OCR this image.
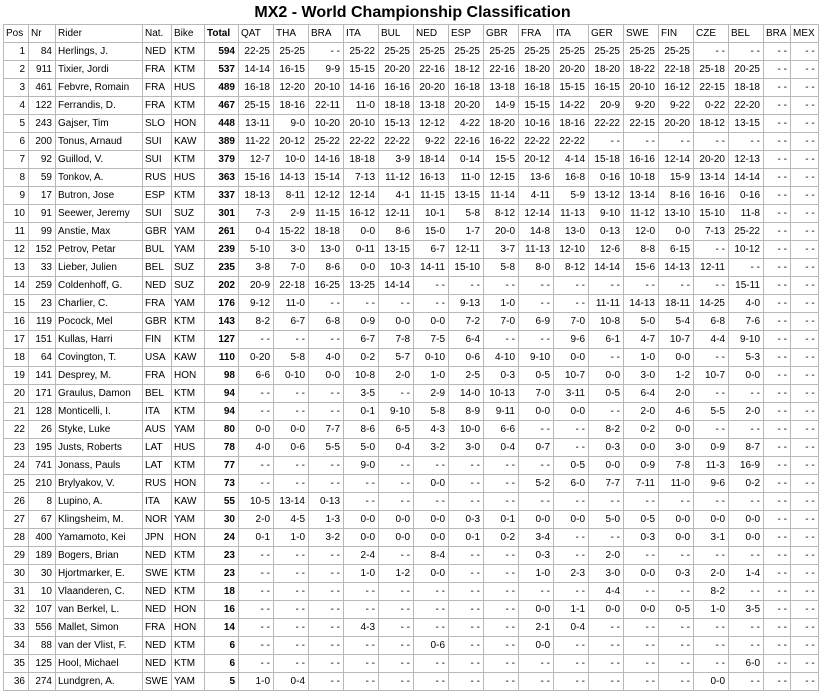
MX2 - World Championship Classification
Pos	Nr	Rider	Nat.	Bike	Total	QAT	THA	BRA	ITA	BUL	NED	ESP	GBR	FRA	ITA	GER	SWE	FIN	CZE	BEL	BRA	MEX
1	84	Herlings, J.	NED	KTM	594	22-25	25-25	- -	25-22	25-25	25-25	25-25	25-25	25-25	25-25	25-25	25-25	25-25	- -	- -	- -	- -
2	911	Tixier, Jordi	FRA	KTM	537	14-14	16-15	9-9	15-15	20-20	22-16	18-12	22-16	18-20	20-20	18-20	18-22	22-18	25-18	20-25	- -	- -
3	461	Febvre, Romain	FRA	HUS	489	16-18	12-20	20-10	14-16	16-16	20-20	16-18	13-18	16-18	15-15	16-15	20-10	16-12	22-15	18-18	- -	- -
4	122	Ferrandis, D.	FRA	KTM	467	25-15	18-16	22-11	11-0	18-18	13-18	20-20	14-9	15-15	14-22	20-9	9-20	9-22	0-22	22-20	- -	- -
5	243	Gajser, Tim	SLO	HON	448	13-11	9-0	10-20	20-10	15-13	12-12	4-22	18-20	10-16	18-16	22-22	22-15	20-20	18-12	13-15	- -	- -
6	200	Tonus, Arnaud	SUI	KAW	389	11-22	20-12	25-22	22-22	22-22	9-22	22-16	16-22	22-22	22-22	- -	- -	- -	- -	- -	- -	- -
7	92	Guillod, V.	SUI	KTM	379	12-7	10-0	14-16	18-18	3-9	18-14	0-14	15-5	20-12	4-14	15-18	16-16	12-14	20-20	12-13	- -	- -
8	59	Tonkov, A.	RUS	HUS	363	15-16	14-13	15-14	7-13	11-12	16-13	11-0	12-15	13-6	16-8	0-16	10-18	15-9	13-14	14-14	- -	- -
9	17	Butron, Jose	ESP	KTM	337	18-13	8-11	12-12	12-14	4-1	11-15	13-15	11-14	4-11	5-9	13-12	13-14	8-16	16-16	0-16	- -	- -
10	91	Seewer, Jeremy	SUI	SUZ	301	7-3	2-9	11-15	16-12	12-11	10-1	5-8	8-12	12-14	11-13	9-10	11-12	13-10	15-10	11-8	- -	- -
11	99	Anstie, Max	GBR	YAM	261	0-4	15-22	18-18	0-0	8-6	15-0	1-7	20-0	14-8	13-0	0-13	12-0	0-0	7-13	25-22	- -	- -
12	152	Petrov, Petar	BUL	YAM	239	5-10	3-0	13-0	0-11	13-15	6-7	12-11	3-7	11-13	12-10	12-6	8-8	6-15	- -	10-12	- -	- -
13	33	Lieber, Julien	BEL	SUZ	235	3-8	7-0	8-6	0-0	10-3	14-11	15-10	5-8	8-0	8-12	14-14	15-6	14-13	12-11	- -	- -	- -
14	259	Coldenhoff, G.	NED	SUZ	202	20-9	22-18	16-25	13-25	14-14	- -	- -	- -	- -	- -	- -	- -	- -	- -	15-11	- -	- -
15	23	Charlier, C.	FRA	YAM	176	9-12	11-0	- -	- -	- -	- -	9-13	1-0	- -	- -	11-11	14-13	18-11	14-25	4-0	- -	- -
16	119	Pocock, Mel	GBR	KTM	143	8-2	6-7	6-8	0-9	0-0	0-0	7-2	7-0	6-9	7-0	10-8	5-0	5-4	6-8	7-6	- -	- -
17	151	Kullas, Harri	FIN	KTM	127	- -	- -	- -	6-7	7-8	7-5	6-4	- -	- -	9-6	6-1	4-7	10-7	4-4	9-10	- -	- -
18	64	Covington, T.	USA	KAW	110	0-20	5-8	4-0	0-2	5-7	0-10	0-6	4-10	9-10	0-0	- -	1-0	0-0	- -	5-3	- -	- -
19	141	Desprey, M.	FRA	HON	98	6-6	0-10	0-0	10-8	2-0	1-0	2-5	0-3	0-5	10-7	0-0	3-0	1-2	10-7	0-0	- -	- -
20	171	Graulus, Damon	BEL	KTM	94	- -	- -	- -	3-5	- -	2-9	14-0	10-13	7-0	3-11	0-5	6-4	2-0	- -	- -	- -	- -
21	128	Monticelli, I.	ITA	KTM	94	- -	- -	- -	0-1	9-10	5-8	8-9	9-11	0-0	0-0	- -	2-0	4-6	5-5	2-0	- -	- -
22	26	Styke, Luke	AUS	YAM	80	0-0	0-0	7-7	8-6	6-5	4-3	10-0	6-6	- -	- -	8-2	0-2	0-0	- -	- -	- -	- -
23	195	Justs, Roberts	LAT	HUS	78	4-0	0-6	5-5	5-0	0-4	3-2	3-0	0-4	0-7	- -	0-3	0-0	3-0	0-9	8-7	- -	- -
24	741	Jonass, Pauls	LAT	KTM	77	- -	- -	- -	9-0	- -	- -	- -	- -	- -	0-5	0-0	0-9	7-8	11-3	16-9	- -	- -
25	210	Brylyakov, V.	RUS	HON	73	- -	- -	- -	- -	- -	0-0	- -	- -	5-2	6-0	7-7	7-11	11-0	9-6	0-2	- -	- -
26	8	Lupino, A.	ITA	KAW	55	10-5	13-14	0-13	- -	- -	- -	- -	- -	- -	- -	- -	- -	- -	- -	- -	- -	- -
27	67	Klingsheim, M.	NOR	YAM	30	2-0	4-5	1-3	0-0	0-0	0-0	0-3	0-1	0-0	0-0	5-0	0-5	0-0	0-0	0-0	- -	- -
28	400	Yamamoto, Kei	JPN	HON	24	0-1	1-0	3-2	0-0	0-0	0-0	0-1	0-2	3-4	- -	- -	0-3	0-0	3-1	0-0	- -	- -
29	189	Bogers, Brian	NED	KTM	23	- -	- -	- -	2-4	- -	8-4	- -	- -	0-3	- -	2-0	- -	- -	- -	- -	- -	- -
30	30	Hjortmarker, E.	SWE	KTM	23	- -	- -	- -	1-0	1-2	0-0	- -	- -	1-0	2-3	3-0	0-0	0-3	2-0	1-4	- -	- -
31	10	Vlaanderen, C.	NED	KTM	18	- -	- -	- -	- -	- -	- -	- -	- -	- -	- -	4-4	- -	- -	8-2	- -	- -	- -
32	107	van Berkel, L.	NED	HON	16	- -	- -	- -	- -	- -	- -	- -	- -	0-0	1-1	0-0	0-0	0-5	1-0	3-5	- -	- -
33	556	Mallet, Simon	FRA	HON	14	- -	- -	- -	4-3	- -	- -	- -	- -	2-1	0-4	- -	- -	- -	- -	- -	- -	- -
34	88	van der Vlist, F.	NED	KTM	6	- -	- -	- -	- -	- -	0-6	- -	- -	0-0	- -	- -	- -	- -	- -	- -	- -	- -
35	125	Hool, Michael	NED	KTM	6	- -	- -	- -	- -	- -	- -	- -	- -	- -	- -	- -	- -	- -	- -	6-0	- -	- -
36	274	Lundgren, A.	SWE	YAM	5	1-0	0-4	- -	- -	- -	- -	- -	- -	- -	- -	- -	- -	- -	0-0	- -	- -	- -
